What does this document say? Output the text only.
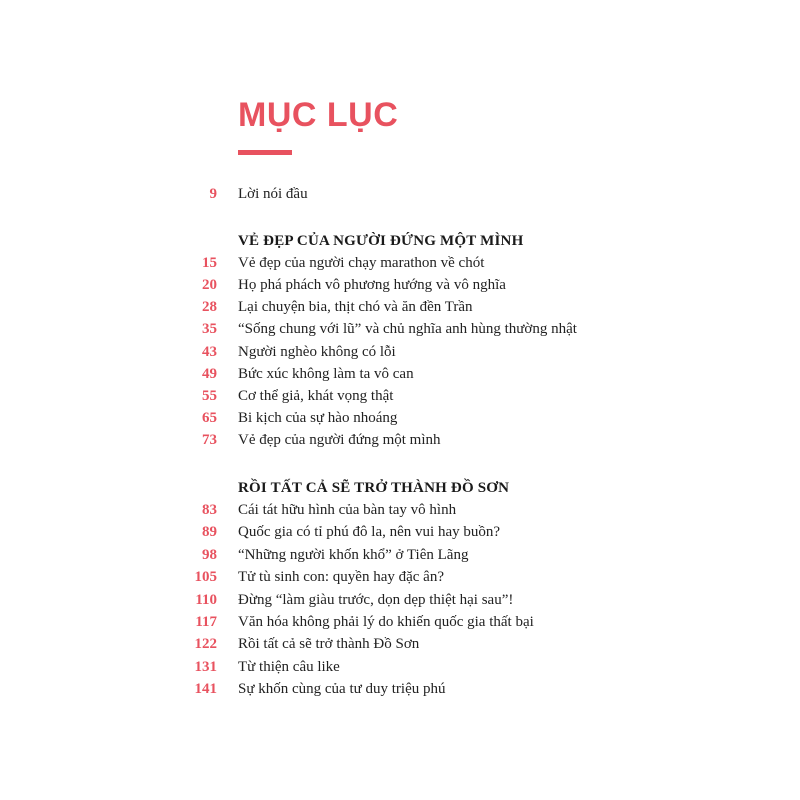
MỤC LỤC
9 Lời nói đầu
VẺ ĐẸP CỦA NGƯỜI ĐỨNG MỘT MÌNH
15 Vẻ đẹp của người chạy marathon về chót
20 Họ phá phách vô phương hướng và vô nghĩa
28 Lại chuyện bia, thịt chó và ăn đền Trần
35 “Sống chung với lũ” và chủ nghĩa anh hùng thường nhật
43 Người nghèo không có lỗi
49 Bức xúc không làm ta vô can
55 Cơ thể giả, khát vọng thật
65 Bi kịch của sự hào nhoáng
73 Vẻ đẹp của người đứng một mình
RỒI TẤT CẢ SẼ TRỞ THÀNH ĐỒ SƠN
83 Cái tát hữu hình của bàn tay vô hình
89 Quốc gia có tỉ phú đô la, nên vui hay buồn?
98 “Những người khốn khổ” ở Tiên Lãng
105 Tử tù sinh con: quyền hay đặc ân?
110 Đừng “làm giàu trước, dọn dẹp thiệt hại sau”!
117 Văn hóa không phải lý do khiến quốc gia thất bại
122 Rồi tất cả sẽ trở thành Đồ Sơn
131 Từ thiện câu like
141 Sự khốn cùng của tư duy triệu phú
